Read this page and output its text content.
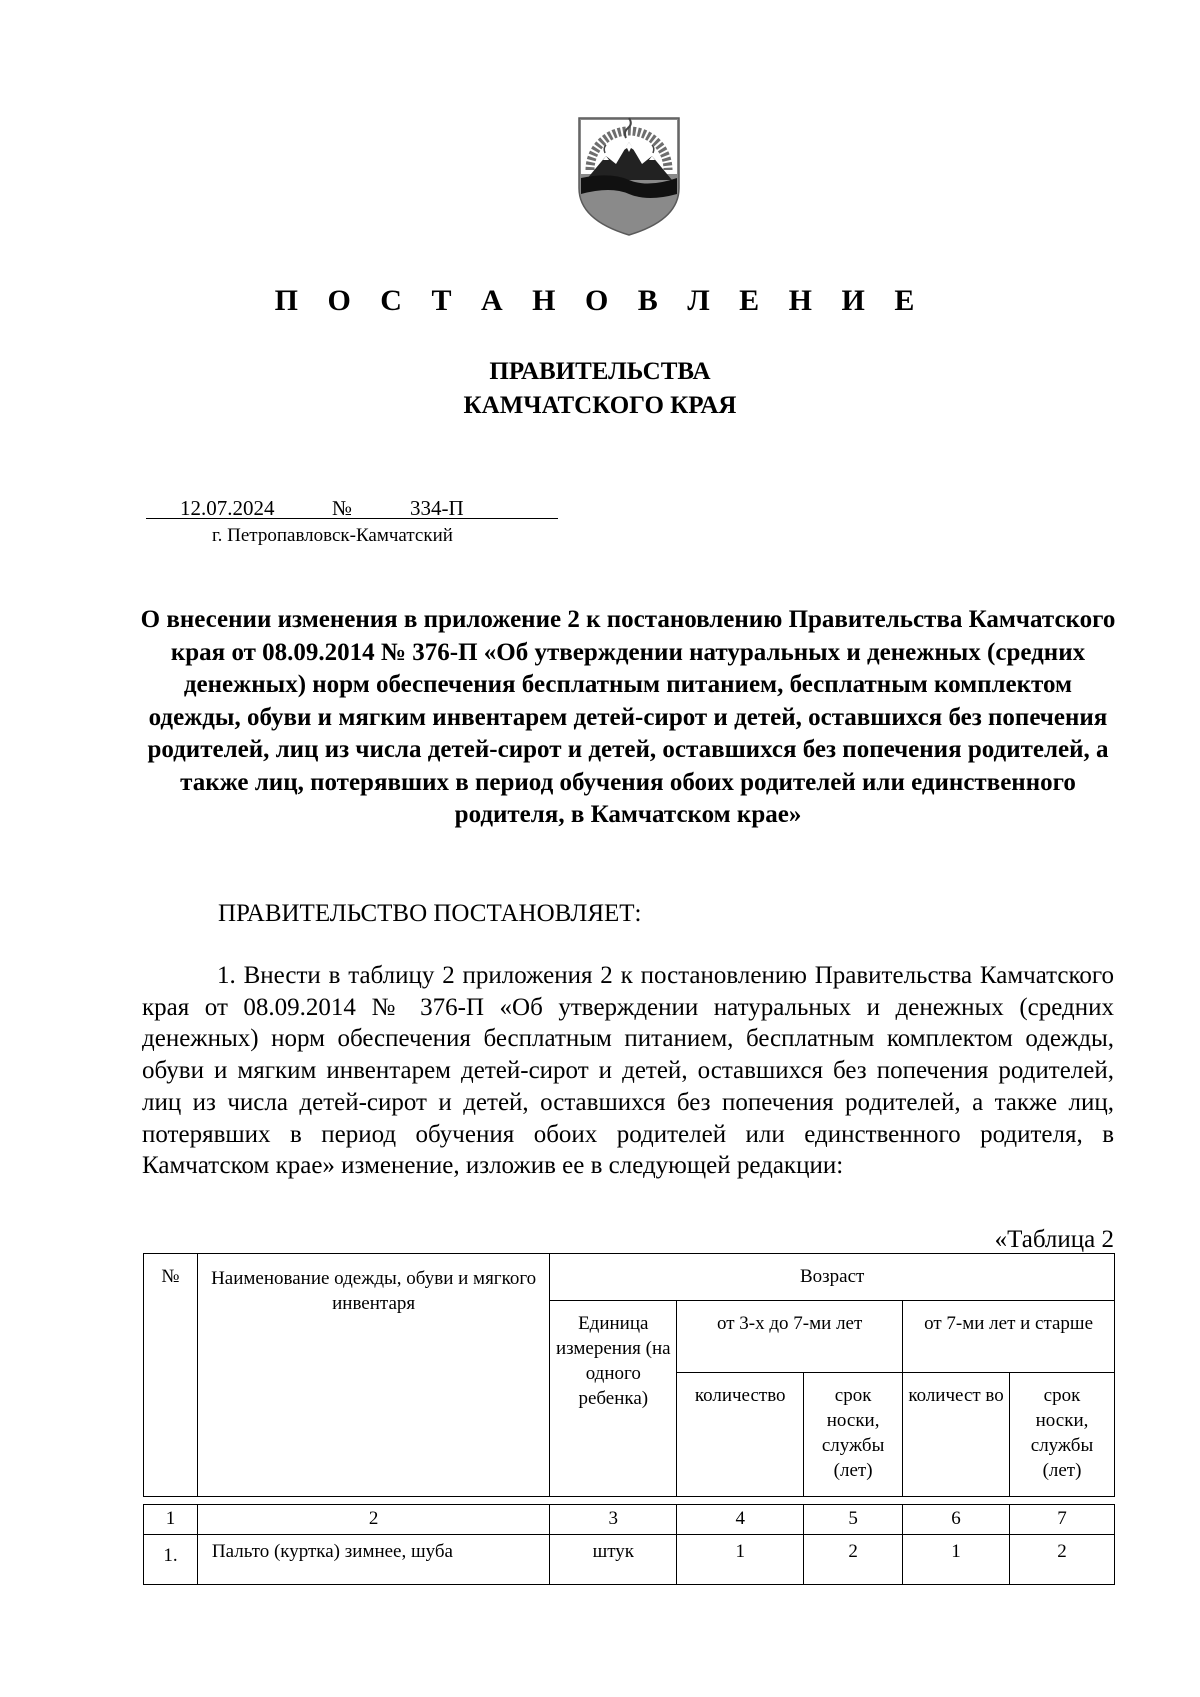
П О С Т А Н О В Л Е Н И Е
ПРАВИТЕЛЬСТВА
КАМЧАТСКОГО КРАЯ
12.07.2024	№	334-П
г. Петропавловск-Камчатский

О внесении изменения в приложение 2 к постановлению Правительства Камчатского края от 08.09.2014 № 376-П «Об утверждении натуральных и денежных (средних денежных) норм обеспечения бесплатным питанием, бесплатным комплектом одежды, обуви и мягким инвентарем детей-сирот и детей, оставшихся без попечения родителей, лиц из числа детей-сирот и детей, оставшихся без попечения родителей, а также лиц, потерявших в период обучения обоих родителей или единственного родителя, в Камчатском крае»

ПРАВИТЕЛЬСТВО ПОСТАНОВЛЯЕТ:

1. Внести в таблицу 2 приложения 2 к постановлению Правительства Камчатского края от 08.09.2014 № 376-П «Об утверждении натуральных и денежных (средних денежных) норм обеспечения бесплатным питанием, бесплатным комплектом одежды, обуви и мягким инвентарем детей-сирот и детей, оставшихся без попечения родителей, лиц из числа детей-сирот и детей, оставшихся без попечения родителей, а также лиц, потерявших в период обучения обоих родителей или единственного родителя, в Камчатском крае» изменение, изложив ее в следующей редакции:

«Таблица 2
№	Наименование одежды, обуви и мягкого инвентаря	Возраст				
		Единица измерения (на одного ребенка)	от 3-х до 7-ми лет		от 7-ми лет и старше	
			количество	срок носки, службы (лет)	количест во	срок носки, службы (лет)

1	2	3	4	5	6	7
1.	Пальто (куртка) зимнее, шуба	штук	1	2	1	2
